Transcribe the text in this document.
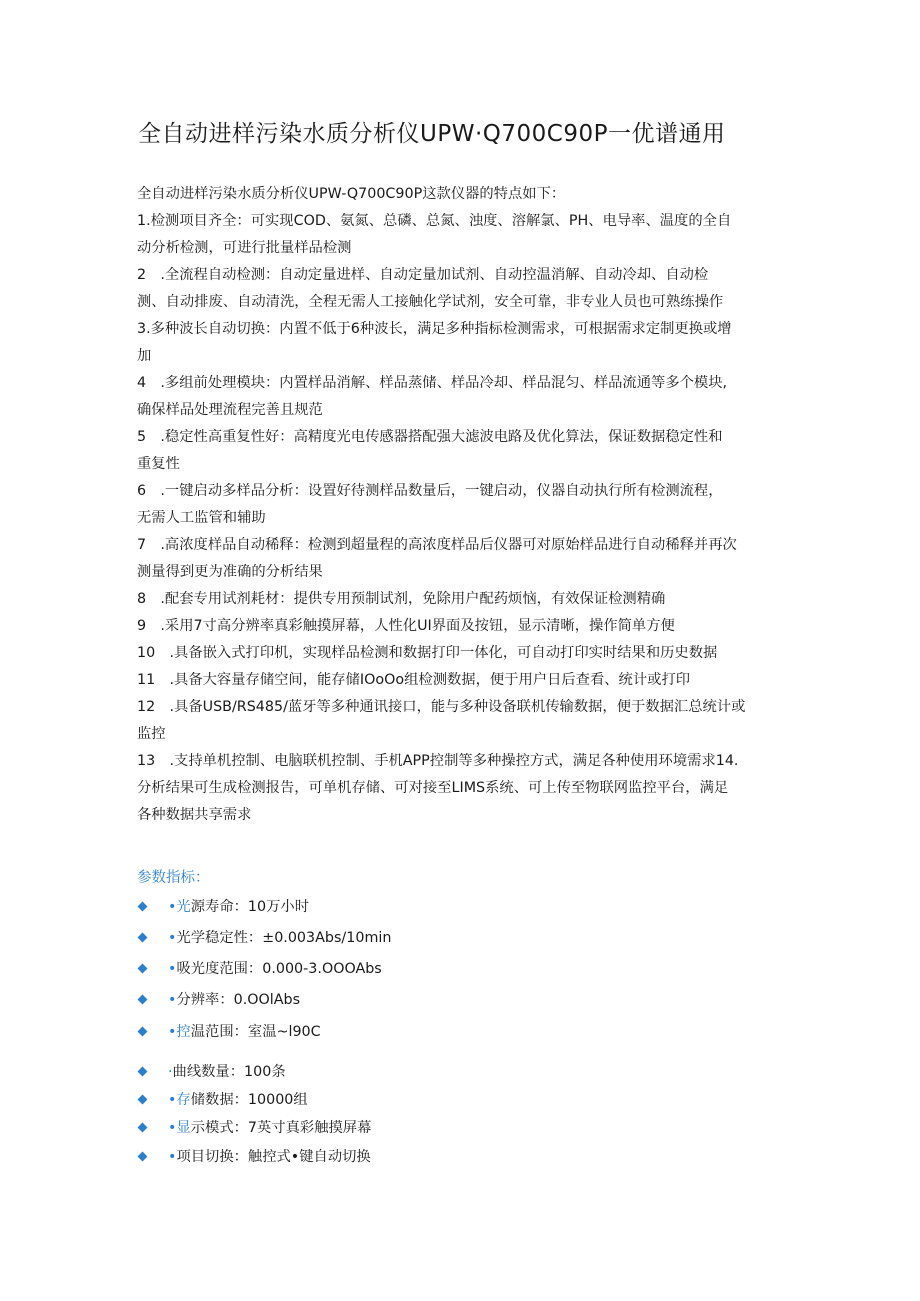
全自动进样污染水质分析仪UPW·Q700C90P一优谱通用

全自动进样污染水质分析仪UPW-Q700C90P这款仪器的特点如下：

1.检测项目齐全：可实现COD、氨氮、总磷、总氮、浊度、溶解氯、PH、电导率、温度的全自

动分析检测，可进行批量样品检测

2　.全流程自动检测：自动定量进样、自动定量加试剂、自动控温消解、自动冷却、自动检

测、自动排废、自动清洗，全程无需人工接触化学试剂，安全可靠，非专业人员也可熟练操作

3.多种波长自动切换：内置不低于6种波长，满足多种指标检测需求，可根据需求定制更换或增

加

4　.多组前处理模块：内置样品消解、样品蒸储、样品冷却、样品混匀、样品流通等多个模块,

确保样品处理流程完善且规范

5　.稳定性高重复性好：高精度光电传感器搭配强大滤波电路及优化算法，保证数据稳定性和

重复性

6　.一键启动多样品分析：设置好待测样品数量后，一键启动，仪器自动执行所有检测流程，

无需人工监管和辅助

7　.高浓度样品自动稀释：检测到超量程的高浓度样品后仪器可对原始样品进行自动稀释并再次

测量得到更为准确的分析结果

8　.配套专用试剂耗材：提供专用预制试剂，免除用户配药烦恼，有效保证检测精确

9　.采用7寸高分辨率真彩触摸屏幕，人性化UI界面及按钮，显示清晰，操作简单方便

10　.具备嵌入式打印机，实现样品检测和数据打印一体化，可自动打印实时结果和历史数据

11　.具备大容量存储空间，能存储IOoOo组检测数据，便于用户日后查看、统计或打印

12　.具备USB/RS485/蓝牙等多种通讯接口，能与多种设备联机传输数据，便于数据汇总统计或

监控

13　.支持单机控制、电脑联机控制、手机APP控制等多种操控方式，满足各种使用环境需求14.

分析结果可生成检测报告，可单机存储、可对接至LIMS系统、可上传至物联网监控平台，满足

各种数据共享需求

参数指标：

•光源寿命：10万小时
•光学稳定性：±0.003Abs∕10min
•吸光度范围：0.000-3.OOOAbs
•分辨率：0.OOlAbs
•控温范围：室温~l90C
·曲线数量：100条
•存储数据：10000组
•显示模式：7英寸真彩触摸屏幕
•项目切换：触控式•键自动切换
